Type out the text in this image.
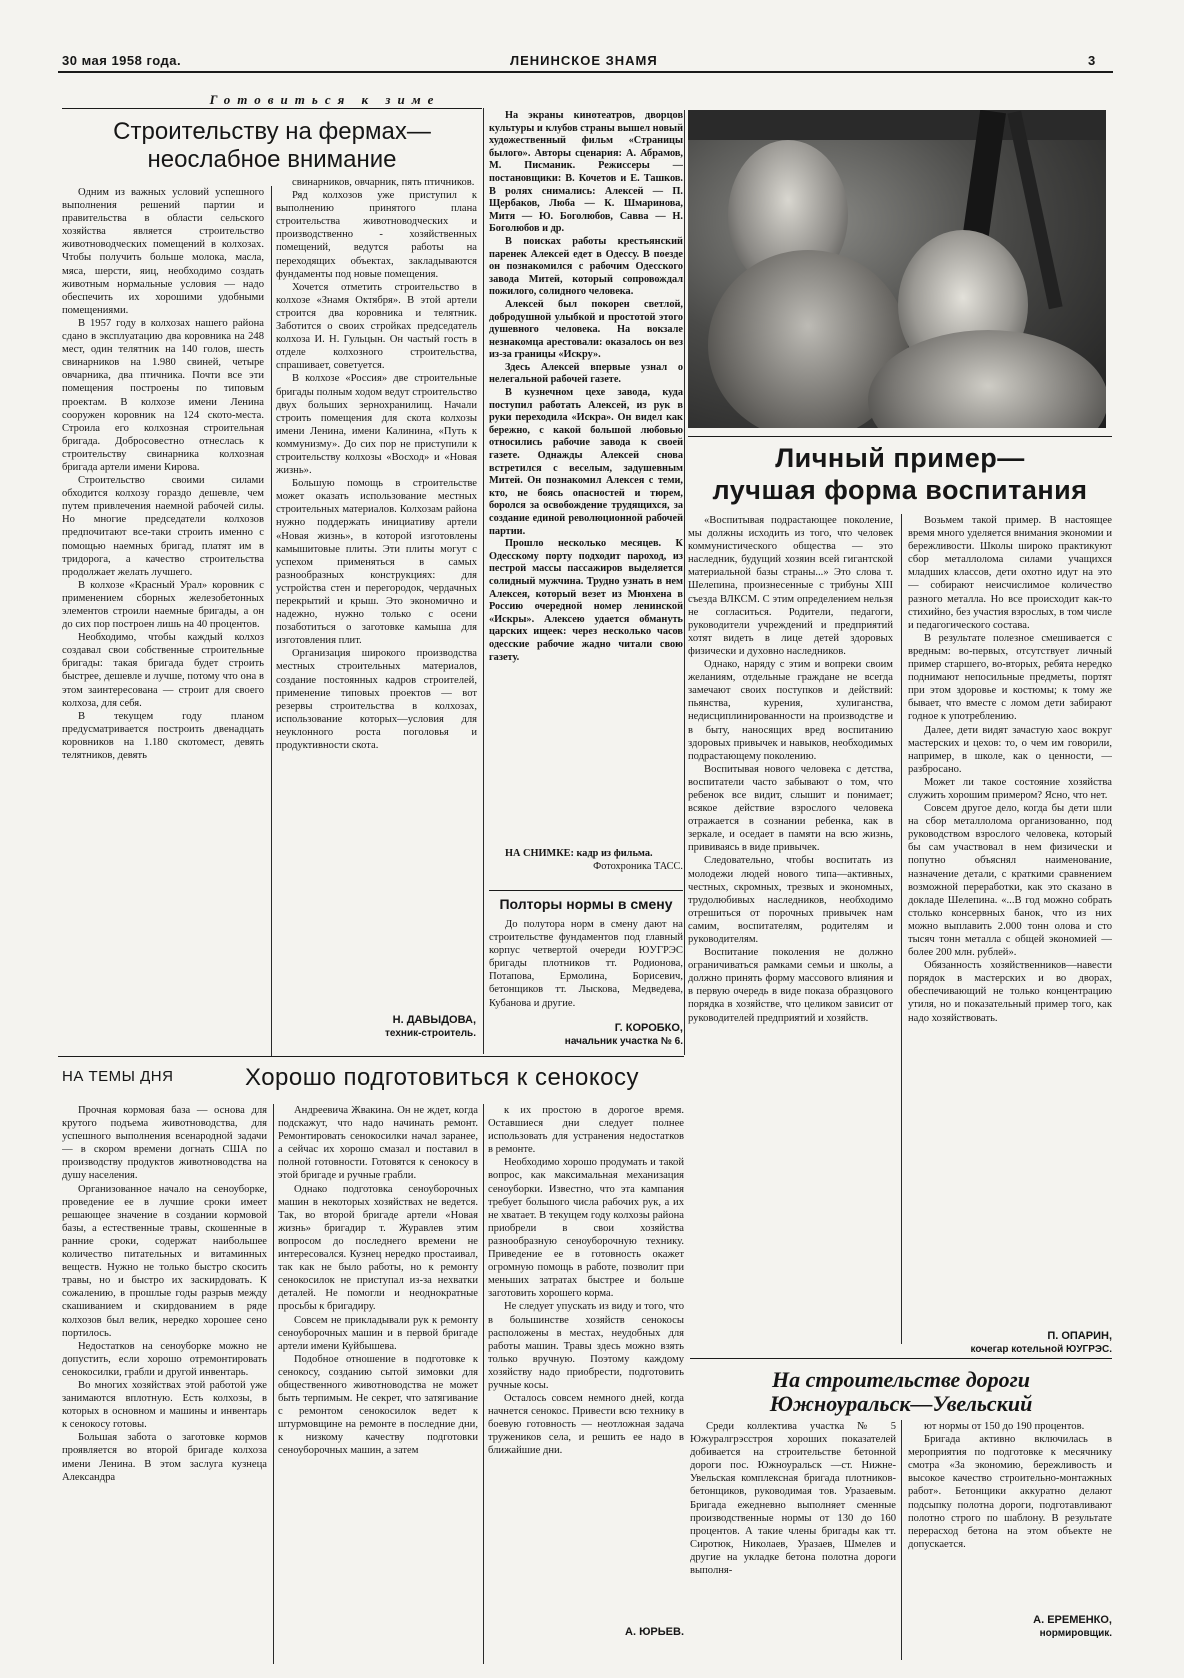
30 мая 1958 года.	ЛЕНИНСКОЕ ЗНАМЯ	3
Готовиться к зиме
Строительству на фермах—
неослабное внимание

Одним из важных условий успешного выполнения решений партии и правительства в области сельского хозяйства является строительство животноводческих помещений в колхозах. Чтобы получить больше молока, масла, мяса, шерсти, яиц, необходимо создать животным нормальные условия — надо обеспечить их хорошими удобными помещениями.

В 1957 году в колхозах нашего района сдано в эксплуатацию два коровника на 248 мест, один телятник на 140 голов, шесть свинарников на 1.980 свиней, четыре овчарника, два птичника. Почти все эти помещения построены по типовым проектам. В колхозе имени Ленина сооружен коровник на 124 ското-места. Строила его колхозная строительная бригада. Добросовестно отнеслась к строительству свинарника колхозная бригада артели имени Кирова.

Строительство своими силами обходится колхозу гораздо дешевле, чем путем привлечения наемной рабочей силы. Но многие председатели колхозов предпочитают все-таки строить именно с помощью наемных бригад, платят им в тридорога, а качество строительства продолжает желать лучшего.

В колхозе «Красный Урал» коровник с применением сборных железобетонных элементов строили наемные бригады, а он до сих пор построен лишь на 40 процентов.

Необходимо, чтобы каждый колхоз создавал свои собственные строительные бригады: такая бригада будет строить быстрее, дешевле и лучше, потому что она в этом заинтересована — строит для своего колхоза, для себя.

В текущем году планом предусматривается построить двенадцать коровников на 1.180 скотомест, девять телятников, девять

свинарников, овчарник, пять птичников.

Ряд колхозов уже приступил к выполнению принятого плана строительства животноводческих и производственно - хозяйственных помещений, ведутся работы на переходящих объектах, закладываются фундаменты под новые помещения.

Хочется отметить строительство в колхозе «Знамя Октября». В этой артели строится два коровника и телятник. Заботится о своих стройках председатель колхоза И. Н. Гульцын. Он частый гость в отделе колхозного строительства, спрашивает, советуется.

В колхозе «Россия» две строительные бригады полным ходом ведут строительство двух больших зернохранилищ. Начали строить помещения для скота колхозы имени Ленина, имени Калинина, «Путь к коммунизму». До сих пор не приступили к строительству колхозы «Восход» и «Новая жизнь».

Большую помощь в строительстве может оказать использование местных строительных материалов. Колхозам района нужно поддержать инициативу артели «Новая жизнь», в которой изготовлены камышитовые плиты. Эти плиты могут с успехом применяться в самых разнообразных конструкциях: для устройства стен и перегородок, чердачных перекрытий и крыш. Это экономично и надежно, нужно только с осени позаботиться о заготовке камыша для изготовления плит.

Организация широкого производства местных строительных материалов, создание постоянных кадров строителей, применение типовых проектов — вот резервы строительства в колхозах, использование которых—условия для неуклонного роста поголовья и продуктивности скота.

Н. ДАВЫДОВА,
техник-строитель.

На экраны кинотеатров, дворцов культуры и клубов страны вышел новый художественный фильм «Страницы былого». Авторы сценария: А. Абрамов, М. Писманик. Режиссеры — постановщики: В. Кочетов и Е. Ташков. В ролях снимались: Алексей — П. Щербаков, Люба — К. Шмаринова, Митя — Ю. Боголюбов, Савва — Н. Боголюбов и др.

В поисках работы крестьянский паренек Алексей едет в Одессу. В поезде он познакомился с рабочим Одесского завода Митей, который сопровождал пожилого, солидного человека.

Алексей был покорен светлой, добродушной улыбкой и простотой этого душевного человека. На вокзале незнакомца арестовали: оказалось он вез из-за границы «Искру».

Здесь Алексей впервые узнал о нелегальной рабочей газете.

В кузнечном цехе завода, куда поступил работать Алексей, из рук в руки переходила «Искра». Он видел как бережно, с какой большой любовью относились рабочие завода к своей газете. Однажды Алексей снова встретился с веселым, задушевным Митей. Он познакомил Алексея с теми, кто, не боясь опасностей и тюрем, боролся за освобождение трудящихся, за создание единой революционной рабочей партии.

Прошло несколько месяцев. К Одесскому порту подходит пароход, из пестрой массы пассажиров выделяется солидный мужчина. Трудно узнать в нем Алексея, который везет из Мюнхена в Россию очередной номер ленинской «Искры». Алексею удается обмануть царских ищеек: через несколько часов одесские рабочие жадно читали свою газету.

НА СНИМКЕ: кадр из фильма.
Фотохроника ТАСС.
Личный пример—
лучшая форма воспитания

«Воспитывая подрастающее поколение, мы должны исходить из того, что человек коммунистического общества — это наследник, будущий хозяин всей гигантской материальной базы страны...» Это слова т. Шелепина, произнесенные с трибуны XIII съезда ВЛКСМ. С этим определением нельзя не согласиться. Родители, педагоги, руководители учреждений и предприятий хотят видеть в лице детей здоровых физически и духовно наследников.

Однако, наряду с этим и вопреки своим желаниям, отдельные граждане не всегда замечают своих поступков и действий: пьянства, курения, хулиганства, недисциплинированности на производстве и в быту, наносящих вред воспитанию здоровых привычек и навыков, необходимых подрастающему поколению.

Воспитывая нового человека с детства, воспитатели часто забывают о том, что ребенок все видит, слышит и понимает; всякое действие взрослого человека отражается в сознании ребенка, как в зеркале, и оседает в памяти на всю жизнь, прививаясь в виде привычек.

Следовательно, чтобы воспитать из молодежи людей нового типа—активных, честных, скромных, трезвых и экономных, трудолюбивых наследников, необходимо отрешиться от порочных привычек нам самим, воспитателям, родителям и руководителям.

Воспитание поколения не должно ограничиваться рамками семьи и школы, а должно принять форму массового влияния и в первую очередь в виде показа образцового порядка в хозяйстве, что целиком зависит от руководителей предприятий и хозяйств.

Возьмем такой пример. В настоящее время много уделяется внимания экономии и бережливости. Школы широко практикуют сбор металлолома силами учащихся младших классов, дети охотно идут на это — собирают неисчислимое количество разного металла. Но все происходит как-то стихийно, без участия взрослых, в том числе и педагогического состава.

В результате полезное смешивается с вредным: во-первых, отсутствует личный пример старшего, во-вторых, ребята нередко поднимают непосильные предметы, портят при этом здоровье и костюмы; к тому же бывает, что вместе с ломом дети забирают годное к употреблению.

Далее, дети видят зачастую хаос вокруг мастерских и цехов: то, о чем им говорили, например, в школе, как о ценности, — разбросано.

Может ли такое состояние хозяйства служить хорошим примером? Ясно, что нет.

Совсем другое дело, когда бы дети шли на сбор металлолома организованно, под руководством взрослого человека, который бы сам участвовал в нем физически и попутно объяснял наименование, назначение детали, с краткими сравнением возможной переработки, как это сказано в докладе Шелепина. «...В год можно собрать столько консервных банок, что из них можно выплавить 2.000 тонн олова и сто тысяч тонн металла с общей экономией — более 200 млн. рублей».

Обязанность хозяйственников—навести порядок в мастерских и во дворах, обеспечивающий не только концентрацию утиля, но и показательный пример того, как надо хозяйствовать.

П. ОПАРИН,
кочегар котельной ЮУГРЭС.
Полторы нормы в смену

До полутора норм в смену дают на строительстве фундаментов под главный корпус четвертой очереди ЮУГРЭС бригады плотников тт. Родионова, Потапова, Ермолина, Борисевич, бетонщиков тт. Лыскова, Медведева, Кубанова и другие.

Г. КОРОБКО,
начальник участка № 6.
НА ТЕМЫ ДНЯ	Хорошо подготовиться к сенокосу

Прочная кормовая база — основа для крутого подъема животноводства, для успешного выполнения всенародной задачи — в скором времени догнать США по производству продуктов животноводства на душу населения.

Организованное начало на сеноуборке, проведение ее в лучшие сроки имеет решающее значение в создании кормовой базы, а естественные травы, скошенные в ранние сроки, содержат наибольшее количество питательных и витаминных веществ. Нужно не только быстро скосить травы, но и быстро их заскирдовать. К сожалению, в прошлые годы разрыв между скашиванием и скирдованием в ряде колхозов был велик, нередко хорошее сено портилось.

Недостатков на сеноуборке можно не допустить, если хорошо отремонтировать сенокосилки, грабли и другой инвентарь.

Во многих хозяйствах этой работой уже занимаются вплотную. Есть колхозы, в которых в основном и машины и инвентарь к сенокосу готовы.

Большая забота о заготовке кормов проявляется во второй бригаде колхоза имени Ленина. В этом заслуга кузнеца Александра

Андреевича Жвакина. Он не ждет, когда подскажут, что надо начинать ремонт. Ремонтировать сенокосилки начал заранее, а сейчас их хорошо смазал и поставил в полной готовности. Готовятся к сенокосу в этой бригаде и ручные грабли.

Однако подготовка сеноуборочных машин в некоторых хозяйствах не ведется. Так, во второй бригаде артели «Новая жизнь» бригадир т. Журавлев этим вопросом до последнего времени не интересовался. Кузнец нередко простаивал, так как не было работы, но к ремонту сенокосилок не приступал из-за нехватки деталей. Не помогли и неоднократные просьбы к бригадиру.

Совсем не прикладывали рук к ремонту сеноуборочных машин и в первой бригаде артели имени Куйбышева.

Подобное отношение в подготовке к сенокосу, созданию сытой зимовки для общественного животноводства не может быть терпимым. Не секрет, что затягивание с ремонтом сенокосилок ведет к штурмовщине на ремонте в последние дни, к низкому качеству подготовки сеноуборочных машин, а затем

к их простою в дорогое время. Оставшиеся дни следует полнее использовать для устранения недостатков в ремонте.

Необходимо хорошо продумать и такой вопрос, как максимальная механизация сеноуборки. Известно, что эта кампания требует большого числа рабочих рук, а их не хватает. В текущем году колхозы района приобрели в свои хозяйства разнообразную сеноуборочную технику. Приведение ее в готовность окажет огромную помощь в работе, позволит при меньших затратах быстрее и больше заготовить хорошего корма.

Не следует упускать из виду и того, что в большинстве хозяйств сенокосы расположены в местах, неудобных для работы машин. Травы здесь можно взять только вручную. Поэтому каждому хозяйству надо приобрести, подготовить ручные косы.

Осталось совсем немного дней, когда начнется сенокос. Привести всю технику в боевую готовность — неотложная задача тружеников села, и решить ее надо в ближайшие дни.

А. ЮРЬЕВ.
На строительстве дороги
Южноуральск—Увельский

Среди коллектива участка № 5 Южуралгрэсстроя хороших показателей добивается на строительстве бетонной дороги пос. Южноуральск —ст. Нижне-Увельская комплексная бригада плотников-бетонщиков, руководимая тов. Уразаевым. Бригада ежедневно выполняет сменные производственные нормы от 130 до 160 процентов. А такие члены бригады как тт. Сиротюк, Николаев, Уразаев, Шмелев и другие на укладке бетона полотна дороги выполня-

ют нормы от 150 до 190 процентов.

Бригада активно включилась в мероприятия по подготовке к месячнику смотра «За экономию, бережливость и высокое качество строительно-монтажных работ». Бетонщики аккуратно делают подсыпку полотна дороги, подготавливают полотно строго по шаблону. В результате перерасход бетона на этом объекте не допускается.

А. ЕРЕМЕНКО,
нормировщик.
